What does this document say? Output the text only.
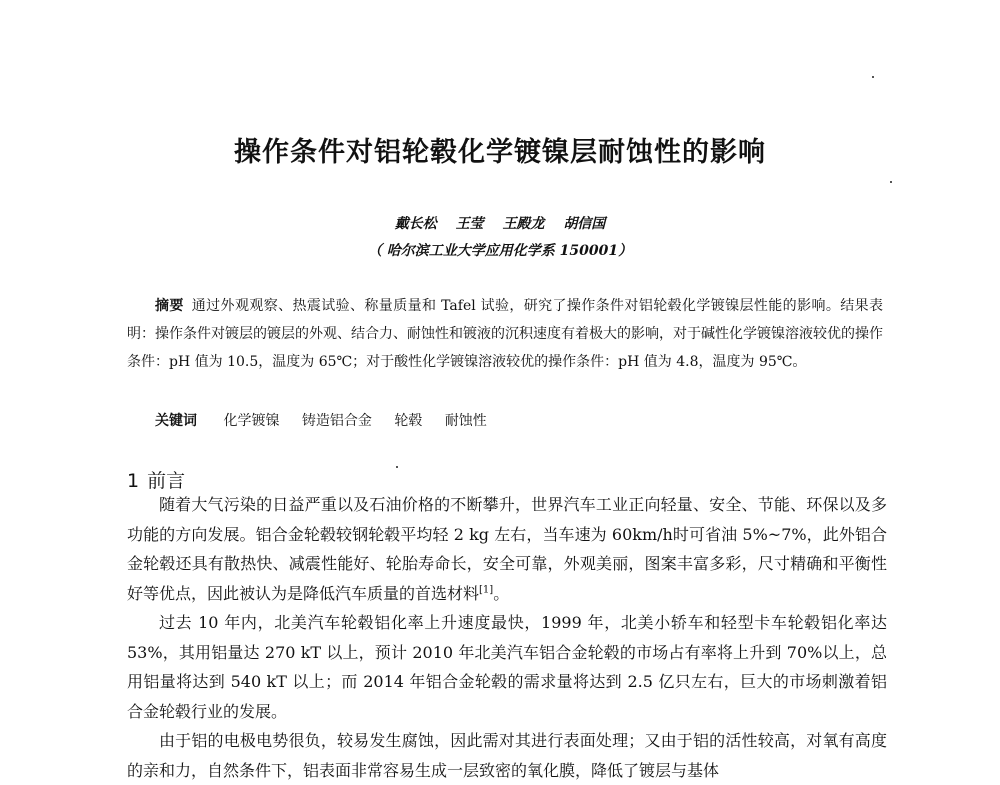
操作条件对铝轮毂化学镀镍层耐蚀性的影响
戴长松 王莹 王殿龙 胡信国
（ 哈尔滨工业大学应用化学系 150001）
摘要 通过外观观察、热震试验、称量质量和 Tafel 试验，研究了操作条件对铝轮毂化学镀镍层性能的影响。结果表明：操作条件对镀层的镀层的外观、结合力、耐蚀性和镀液的沉积速度有着极大的影响，对于碱性化学镀镍溶液较优的操作条件：pH 值为 10.5，温度为 65℃；对于酸性化学镀镍溶液较优的操作条件：pH 值为 4.8，温度为 95℃。
关键词 化学镀镍 铸造铝合金 轮毂 耐蚀性
1 前言

随着大气污染的日益严重以及石油价格的不断攀升，世界汽车工业正向轻量、安全、节能、环保以及多功能的方向发展。铝合金轮毂较钢轮毂平均轻 2 kg 左右，当车速为 60km/h时可省油 5%~7%，此外铝合金轮毂还具有散热快、减震性能好、轮胎寿命长，安全可靠，外观美丽，图案丰富多彩，尺寸精确和平衡性好等优点，因此被认为是降低汽车质量的首选材料[1]。

过去 10 年内，北美汽车轮毂铝化率上升速度最快，1999 年，北美小轿车和轻型卡车轮毂铝化率达 53%，其用铝量达 270 kT 以上，预计 2010 年北美汽车铝合金轮毂的市场占有率将上升到 70%以上，总用铝量将达到 540 kT 以上；而 2014 年铝合金轮毂的需求量将达到 2.5 亿只左右，巨大的市场刺激着铝合金轮毂行业的发展。

由于铝的电极电势很负，较易发生腐蚀，因此需对其进行表面处理；又由于铝的活性较高，对氧有高度的亲和力，自然条件下，铝表面非常容易生成一层致密的氧化膜，降低了镀层与基体
